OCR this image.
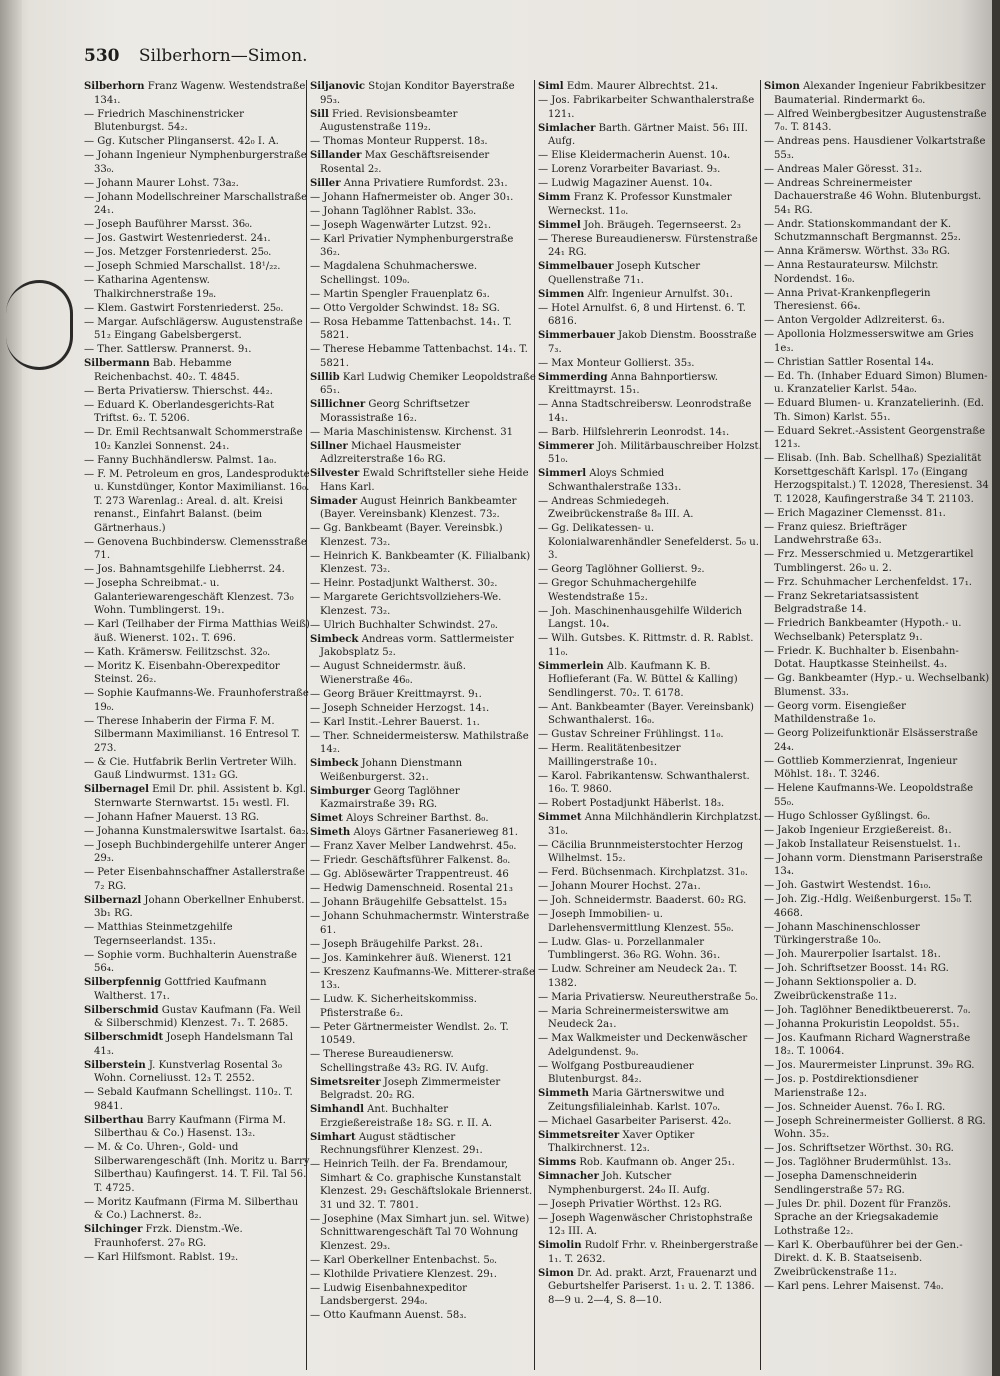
530 Silberhorn—Simon.
Silberhorn Franz Wagenw. Westendstraße 134₁.
— Friedrich Maschinenstricker Blutenburgst. 54₂.
— Gg. Kutscher Plinganserst. 42₀ I. A.
— Johann Ingenieur Nymphenburgerstraße 33₀.
— Johann Maurer Lohst. 73a₂.
— Johann Modellschreiner Marschallstraße 24₁.
— Joseph Bauführer Marsst. 36₀.
— Jos. Gastwirt Westenriederst. 24₁.
— Jos. Metzger Forstenriederst. 25₀.
— Joseph Schmied Marschallst. 18¹/₂₂.
— Katharina Agentensw. Thalkirchnerstraße 19₈.
— Klem. Gastwirt Forstenriederst. 25₀.
— Margar. Aufschlägersw. Augustenstraße 51₂ Eingang Gabelsbergerst.
— Ther. Sattlersw. Prannerst. 9₁.
Silbermann Bab. Hebamme Reichenbachst. 40₂. T. 4845.
— Berta Privatiersw. Thierschst. 44₂.
— Eduard K. Oberlandesgerichts-Rat Triftst. 6₂. T. 5206.
— Dr. Emil Rechtsanwalt Schommerstraße 10₂ Kanzlei Sonnenst. 24₁.
— Fanny Buchhändlersw. Palmst. 1a₀.
— F. M. Petroleum en gros, Landesprodukte u. Kunstdünger, Kontor Maximilianst. 16₀. T. 273 Warenlag.: Areal. d. alt. Kreisi renanst., Einfahrt Balanst. (beim Gärtnerhaus.)
— Genovena Buchbindersw. Clemensstraße 71.
— Jos. Bahnamtsgehilfe Liebherrst. 24.
— Josepha Schreibmat.- u. Galanteriewarengeschäft Klenzest. 73₀ Wohn. Tumblingerst. 19₁.
— Karl (Teilhaber der Firma Matthias Weiß) äuß. Wienerst. 102₁. T. 696.
— Kath. Krämersw. Feilitzschst. 32₀.
— Moritz K. Eisenbahn-Oberexpeditor Steinst. 26₂.
— Sophie Kaufmanns-We. Fraunhoferstraße 19₀.
— Therese Inhaberin der Firma F. M. Silbermann Maximilianst. 16 Entresol T. 273.
— & Cie. Hutfabrik Berlin Vertreter Wilh. Gauß Lindwurmst. 131₂ GG.
Silbernagel Emil Dr. phil. Assistent b. Kgl. Sternwarte Sternwartst. 15₁ westl. Fl.
— Johann Hafner Mauerst. 13 RG.
— Johanna Kunstmalerswitwe Isartalst. 6a₂.
— Joseph Buchbindergehilfe unterer Anger 29₃.
— Peter Eisenbahnschaffner Astallerstraße 7₂ RG.
Silbernazl Johann Oberkellner Enhuberst. 3b₁ RG.
— Matthias Steinmetzgehilfe Tegernseerlandst. 135₁.
— Sophie vorm. Buchhalterin Auenstraße 56₄.
Silberpfennig Gottfried Kaufmann Waltherst. 17₁.
Silberschmid Gustav Kaufmann (Fa. Weil & Silberschmid) Klenzest. 7₁. T. 2685.
Silberschmidt Joseph Handelsmann Tal 41₃.
Silberstein J. Kunstverlag Rosental 3₀ Wohn. Corneliusst. 12₃ T. 2552.
— Sebald Kaufmann Schellingst. 110₂. T. 9841.
Silberthau Barry Kaufmann (Firma M. Silberthau & Co.) Hasenst. 13₂.
— M. & Co. Uhren-, Gold- und Silberwarengeschäft (Inh. Moritz u. Barry Silberthau) Kaufingerst. 14. T. Fil. Tal 56. T. 4725.
— Moritz Kaufmann (Firma M. Silberthau & Co.) Lachnerst. 8₂.
Silchinger Frzk. Dienstm.-We. Fraunhoferst. 27₀ RG.
— Karl Hilfsmont. Rablst. 19₂.
Siljanovic Stojan Konditor Bayerstraße 95₃.
Sill Fried. Revisionsbeamter Augustenstraße 119₂.
— Thomas Monteur Rupperst. 18₃.
Sillander Max Geschäftsreisender Rosental 2₂.
Siller Anna Privatiere Rumfordst. 23₁.
— Johann Hafnermeister ob. Anger 30₁.
— Johann Taglöhner Rablst. 33₀.
— Joseph Wagenwärter Lutzst. 92₁.
— Karl Privatier Nymphenburgerstraße 36₂.
— Magdalena Schuhmacherswe. Schellingst. 109₀.
— Martin Spengler Frauenplatz 6₃.
— Otto Vergolder Schwindst. 18₂ SG.
— Rosa Hebamme Tattenbachst. 14₁. T. 5821.
— Therese Hebamme Tattenbachst. 14₁. T. 5821.
Sillib Karl Ludwig Chemiker Leopoldstraße 65₁.
Sillichner Georg Schriftsetzer Morassistraße 16₂.
— Maria Maschinistensw. Kirchenst. 31
Sillner Michael Hausmeister Adlzreiterstraße 16₀ RG.
Silvester Ewald Schriftsteller siehe Heide Hans Karl.
Simader August Heinrich Bankbeamter (Bayer. Vereinsbank) Klenzest. 73₂.
— Gg. Bankbeamt (Bayer. Vereinsbk.) Klenzest. 73₂.
— Heinrich K. Bankbeamter (K. Filialbank) Klenzest. 73₂.
— Heinr. Postadjunkt Waltherst. 30₂.
— Margarete Gerichtsvollziehers-We. Klenzest. 73₂.
— Ulrich Buchhalter Schwindst. 27₀.
Simbeck Andreas vorm. Sattlermeister Jakobsplatz 5₂.
— August Schneidermstr. äuß. Wienerstraße 46₀.
— Georg Bräuer Kreittmayrst. 9₁.
— Joseph Schneider Herzogst. 14₁.
— Karl Instit.-Lehrer Bauerst. 1₁.
— Ther. Schneidermeistersw. Mathilstraße 14₂.
Simbeck Johann Dienstmann Weißenburgerst. 32₁.
Simburger Georg Taglöhner Kazmairstraße 39₁ RG.
Simet Aloys Schreiner Barthst. 8₀.
Simeth Aloys Gärtner Fasanerieweg 81.
— Franz Xaver Melber Landwehrst. 45₀.
— Friedr. Geschäftsführer Falkenst. 8₀.
— Gg. Ablösewärter Trappentreust. 46
— Hedwig Damenschneid. Rosental 21₃
— Johann Bräugehilfe Gebsattelst. 15₃
— Johann Schuhmachermstr. Winterstraße 61.
— Joseph Bräugehilfe Parkst. 28₁.
— Jos. Kaminkehrer äuß. Wienerst. 121
— Kreszenz Kaufmanns-We. Mitterer-straße 13₃.
— Ludw. K. Sicherheitskommiss. Pfisterstraße 6₂.
— Peter Gärtnermeister Wendlst. 2₀. T. 10549.
— Therese Bureaudienersw. Schellingstraße 43₂ RG. IV. Aufg.
Simetsreiter Joseph Zimmermeister Belgradst. 20₂ RG.
Simhandl Ant. Buchhalter Erzgießereistraße 18₂ SG. r. II. A.
Simhart August städtischer Rechnungsführer Klenzest. 29₁.
— Heinrich Teilh. der Fa. Brendamour, Simhart & Co. graphische Kunstanstalt Klenzest. 29₁ Geschäftslokale Briennerst. 31 und 32. T. 7801.
— Josephine (Max Simhart jun. sel. Witwe) Schnittwarengeschäft Tal 70 Wohnung Klenzest. 29₃.
— Karl Oberkellner Entenbachst. 5₀.
— Klothilde Privatiere Klenzest. 29₁.
— Ludwig Eisenbahnexpeditor Landsbergerst. 294₀.
— Otto Kaufmann Auenst. 58₃.
Siml Edm. Maurer Albrechtst. 21₄.
— Jos. Fabrikarbeiter Schwanthalerstraße 121₁.
Simlacher Barth. Gärtner Maist. 56₁ III. Aufg.
— Elise Kleidermacherin Auenst. 10₄.
— Lorenz Vorarbeiter Bavariast. 9₃.
— Ludwig Magaziner Auenst. 10₄.
Simm Franz K. Professor Kunstmaler Werneckst. 11₀.
Simmel Joh. Bräugeh. Tegernseerst. 2₃
— Therese Bureaudienersw. Fürstenstraße 24₁ RG.
Simmelbauer Joseph Kutscher Quellenstraße 71₁.
Simmen Alfr. Ingenieur Arnulfst. 30₁.
— Hotel Arnulfst. 6, 8 und Hirtenst. 6. T. 6816.
Simmerbauer Jakob Dienstm. Boosstraße 7₃.
— Max Monteur Gollierst. 35₃.
Simmerding Anna Bahnportiersw. Kreittmayrst. 15₁.
— Anna Stadtschreibersw. Leonrodstraße 14₁.
— Barb. Hilfslehrerin Leonrodst. 14₁.
Simmerer Joh. Militärbauschreiber Holzst. 51₀.
Simmerl Aloys Schmied Schwanthalerstraße 133₁.
— Andreas Schmiedegeh. Zweibrückenstraße 8₈ III. A.
— Gg. Delikatessen- u. Kolonialwarenhändler Senefelderst. 5₀ u. 3.
— Georg Taglöhner Gollierst. 9₂.
— Gregor Schuhmachergehilfe Westendstraße 15₂.
— Joh. Maschinenhausgehilfe Wilderich Langst. 10₄.
— Wilh. Gutsbes. K. Rittmstr. d. R. Rablst. 11₀.
Simmerlein Alb. Kaufmann K. B. Hoflieferant (Fa. W. Büttel & Kalling) Sendlingerst. 70₂. T. 6178.
— Ant. Bankbeamter (Bayer. Vereinsbank) Schwanthalerst. 16₀.
— Gustav Schreiner Frühlingst. 11₀.
— Herm. Realitätenbesitzer Maillingerstraße 10₁.
— Karol. Fabrikantensw. Schwanthalerst. 16₀. T. 9860.
— Robert Postadjunkt Häberlst. 18₃.
Simmet Anna Milchhändlerin Kirchplatzst. 31₀.
— Cäcilia Brunnmeisterstochter Herzog Wilhelmst. 15₂.
— Ferd. Büchsenmach. Kirchplatzst. 31₀.
— Johann Mourer Hochst. 27a₁.
— Joh. Schneidermstr. Baaderst. 60₂ RG.
— Joseph Immobilien- u. Darlehensvermittlung Klenzest. 55₀.
— Ludw. Glas- u. Porzellanmaler Tumblingerst. 36₀ RG. Wohn. 36₁.
— Ludw. Schreiner am Neudeck 2a₁. T. 1382.
— Maria Privatiersw. Neureutherstraße 5₀.
— Maria Schreinermeisterswitwe am Neudeck 2a₁.
— Max Walkmeister und Deckenwäscher Adelgundenst. 9₀.
— Wolfgang Postbureaudiener Blutenburgst. 84₂.
Simmeth Maria Gärtnerswitwe und Zeitungsfilialeinhab. Karlst. 107₀.
— Michael Gasarbeiter Pariserst. 42₀.
Simmetsreiter Xaver Optiker Thalkirchnerst. 12₃.
Simms Rob. Kaufmann ob. Anger 25₁.
Simnacher Joh. Kutscher Nymphenburgerst. 24₀ II. Aufg.
— Joseph Privatier Wörthst. 12₃ RG.
— Joseph Wagenwäscher Christophstraße 12₃ III. A.
Simolin Rudolf Frhr. v. Rheinbergerstraße 1₁. T. 2632.
Simon Dr. Ad. prakt. Arzt, Frauenarzt und Geburtshelfer Pariserst. 1₁ u. 2. T. 1386. 8—9 u. 2—4, S. 8—10.
Simon Alexander Ingenieur Fabrikbesitzer Baumaterial. Rindermarkt 6₀.
— Alfred Weinbergbesitzer Augustenstraße 7₀. T. 8143.
— Andreas pens. Hausdiener Volkartstraße 55₃.
— Andreas Maler Göresst. 31₂.
— Andreas Schreinermeister Dachauerstraße 46 Wohn. Blutenburgst. 54₁ RG.
— Andr. Stationskommandant der K. Schutzmannschaft Bergmannst. 25₂.
— Anna Krämersw. Wörthst. 33₀ RG.
— Anna Restaurateursw. Milchstr. Nordendst. 16₀.
— Anna Privat-Krankenpflegerin Theresienst. 66₄.
— Anton Vergolder Adlzreiterst. 6₃.
— Apollonia Holzmesserswitwe am Gries 1e₃.
— Christian Sattler Rosental 14₄.
— Ed. Th. (Inhaber Eduard Simon) Blumen- u. Kranzatelier Karlst. 54a₀.
— Eduard Blumen- u. Kranzatelierinh. (Ed. Th. Simon) Karlst. 55₁.
— Eduard Sekret.-Assistent Georgenstraße 121₃.
— Elisab. (Inh. Bab. Schellhaß) Spezialität Korsettgeschäft Karlspl. 17₀ (Eingang Herzogspitalst.) T. 12028, Theresienst. 34 T. 12028, Kaufingerstraße 34 T. 21103.
— Erich Magaziner Clemensst. 81₁.
— Franz quiesz. Briefträger Landwehrstraße 63₃.
— Frz. Messerschmied u. Metzgerartikel Tumblingerst. 26₀ u. 2.
— Frz. Schuhmacher Lerchenfeldst. 17₁.
— Franz Sekretariatsassistent Belgradstraße 14.
— Friedrich Bankbeamter (Hypoth.- u. Wechselbank) Petersplatz 9₁.
— Friedr. K. Buchhalter b. Eisenbahn-Dotat. Hauptkasse Steinheilst. 4₃.
— Gg. Bankbeamter (Hyp.- u. Wechselbank) Blumenst. 33₃.
— Georg vorm. Eisengießer Mathildenstraße 1₀.
— Georg Polizeifunktionär Elsässerstraße 24₄.
— Gottlieb Kommerzienrat, Ingenieur Möhlst. 18₁. T. 3246.
— Helene Kaufmanns-We. Leopoldstraße 55₀.
— Hugo Schlosser Gyßlingst. 6₀.
— Jakob Ingenieur Erzgießereist. 8₁.
— Jakob Installateur Reisenstuelst. 1₁.
— Johann vorm. Dienstmann Pariserstraße 13₄.
— Joh. Gastwirt Westendst. 16₁₀.
— Joh. Zig.-Hdlg. Weißenburgerst. 15₀ T. 4668.
— Johann Maschinenschlosser Türkingerstraße 10₀.
— Joh. Maurerpolier Isartalst. 18₁.
— Joh. Schriftsetzer Boosst. 14₁ RG.
— Johann Sektionspolier a. D. Zweibrückenstraße 11₂.
— Joh. Taglöhner Benediktbeuererst. 7₀.
— Johanna Prokuristin Leopoldst. 55₁.
— Jos. Kaufmann Richard Wagnerstraße 18₂. T. 10064.
— Jos. Maurermeister Linprunst. 39₀ RG.
— Jos. p. Postdirektionsdiener Marienstraße 12₃.
— Jos. Schneider Auenst. 76₀ I. RG.
— Joseph Schreinermeister Gollierst. 8 RG. Wohn. 35₂.
— Jos. Schriftsetzer Wörthst. 30₁ RG.
— Jos. Taglöhner Brudermühlst. 13₃.
— Josepha Damenschneiderin Sendlingerstraße 57₂ RG.
— Jules Dr. phil. Dozent für Französ. Sprache an der Kriegsakademie Lothstraße 12₂.
— Karl K. Oberbauführer bei der Gen.-Direkt. d. K. B. Staatseisenb. Zweibrückenstraße 11₂.
— Karl pens. Lehrer Maisenst. 74₀.
